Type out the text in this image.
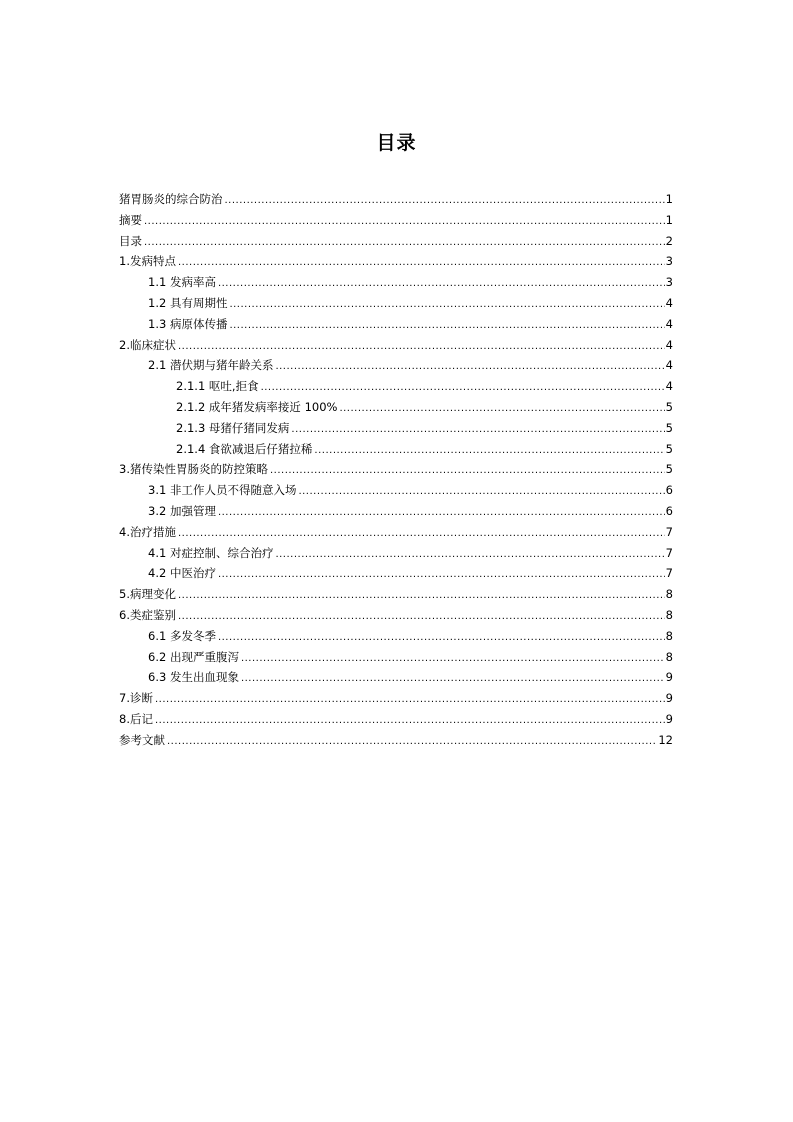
目录
猪胃肠炎的综合防治 .....	1
摘要 .....	1
目录 .....	2
1.发病特点 .....	3
1.1 发病率高 .....	3
1.2 具有周期性 .....	4
1.3 病原体传播 .....	4
2.临床症状 .....	4
2.1 潜伏期与猪年龄关系 .....	4
2.1.1 呕吐,拒食 .....	4
2.1.2 成年猪发病率接近 100% .....	5
2.1.3 母猪仔猪同发病 .....	5
2.1.4 食欲减退后仔猪拉稀 .....	5
3.猪传染性胃肠炎的防控策略 .....	5
3.1 非工作人员不得随意入场 .....	6
3.2 加强管理 .....	6
4.治疗措施 .....	7
4.1 对症控制、综合治疗 .....	7
4.2 中医治疗 .....	7
5.病理变化 .....	8
6.类症鉴别 .....	8
6.1 多发冬季 .....	8
6.2 出现严重腹泻 .....	8
6.3 发生出血现象 .....	9
7.诊断 .....	9
8.后记 .....	9
参考文献 .....	12
